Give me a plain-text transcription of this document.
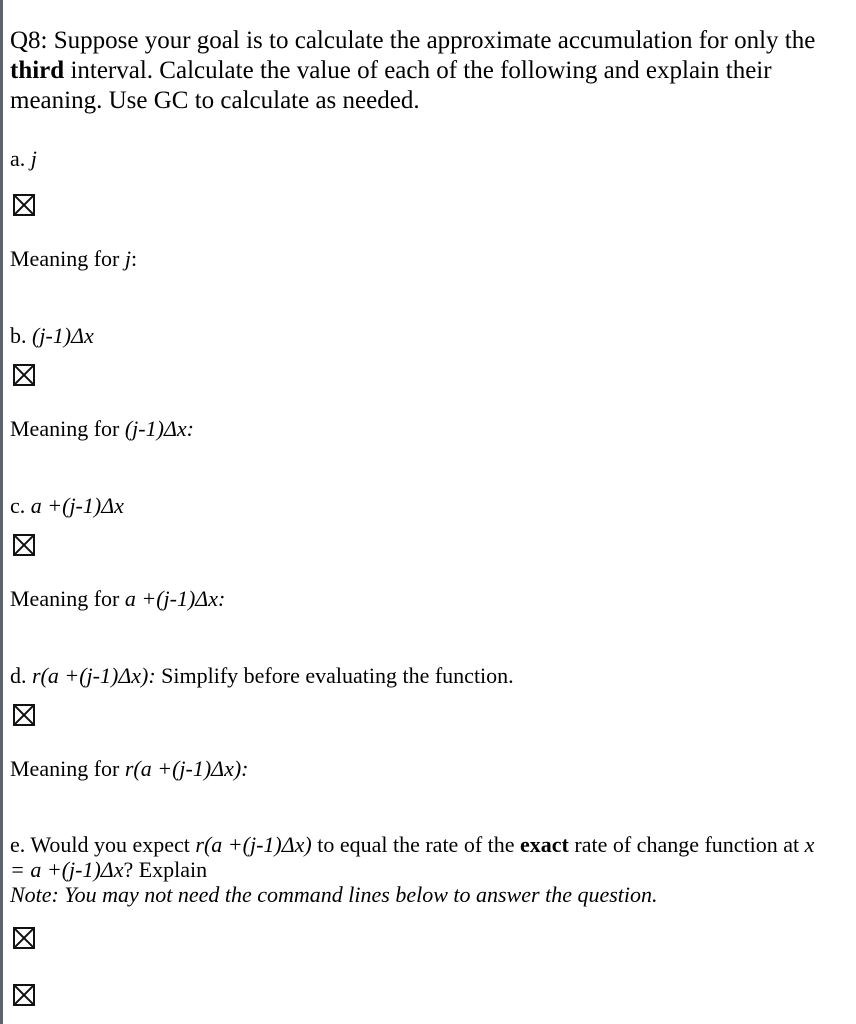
Q8: Suppose your goal is to calculate the approximate accumulation for only the third interval. Calculate the value of each of the following and explain their meaning. Use GC to calculate as needed.
a. j
Meaning for j:
b. (j-1)Δx
Meaning for (j-1)Δx:
c. a +(j-1)Δx
Meaning for a +(j-1)Δx:
d. r(a +(j-1)Δx): Simplify before evaluating the function.
Meaning for r(a +(j-1)Δx):
e. Would you expect r(a +(j-1)Δx) to equal the rate of the exact rate of change function at x
= a +(j-1)Δx? Explain
Note: You may not need the command lines below to answer the question.
